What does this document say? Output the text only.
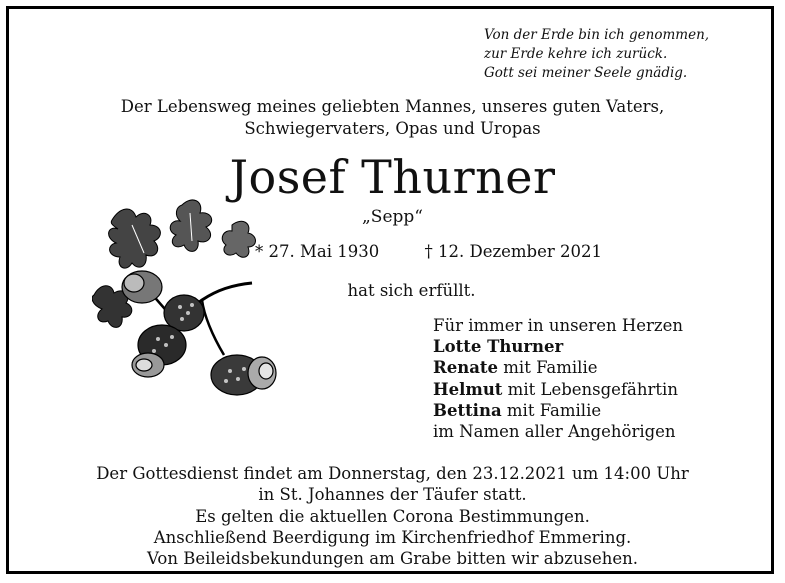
Von der Erde bin ich genommen,
zur Erde kehre ich zurück.
Gott sei meiner Seele gnädig.
Der Lebensweg meines geliebten Mannes, unseres guten Vaters,
Schwiegervaters, Opas und Uropas
Josef Thurner
„Sepp“
* 27. Mai 1930	† 12. Dezember 2021
hat sich erfüllt.
Für immer in unseren Herzen
Lotte Thurner
Renate mit Familie
Helmut mit Lebensgefährtin
Bettina mit Familie
im Namen aller Angehörigen
Der Gottesdienst findet am Donnerstag, den 23.12.2021 um 14:00 Uhr
in St. Johannes der Täufer statt.
Es gelten die aktuellen Corona Bestimmungen.
Anschließend Beerdigung im Kirchenfriedhof Emmering.
Von Beileidsbekundungen am Grabe bitten wir abzusehen.
